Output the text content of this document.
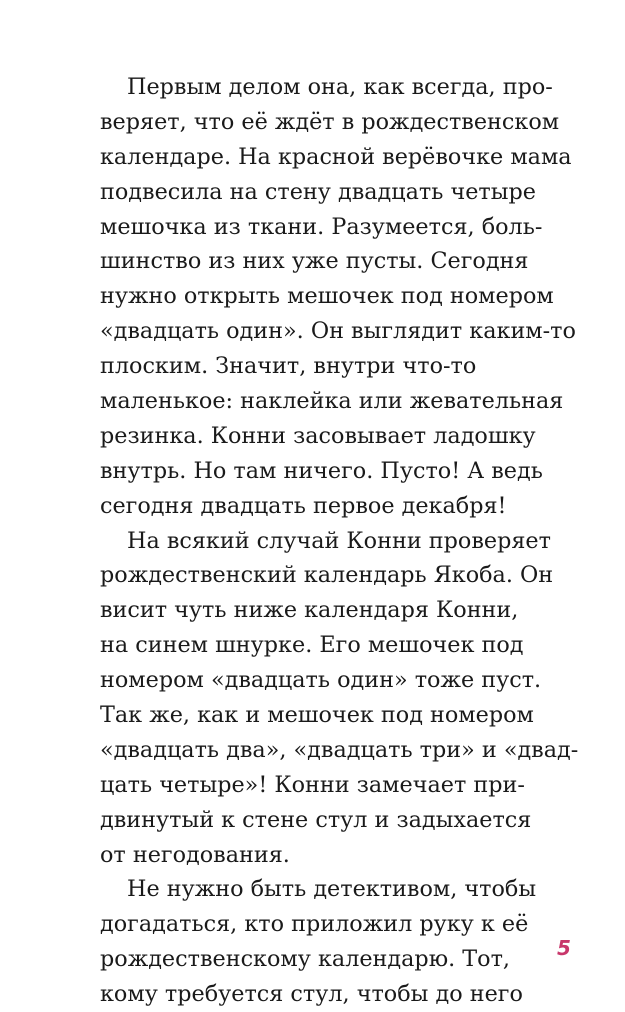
Первым делом она, как всегда, про-
веряет, что её ждёт в рождественском
календаре. На красной верёвочке мама
подвесила на стену двадцать четыре
мешочка из ткани. Разумеется, боль-
шинство из них уже пусты. Сегодня
нужно открыть мешочек под номером
«двадцать один». Он выглядит каким-то
плоским. Значит, внутри что-то
маленькое: наклейка или жевательная
резинка. Конни засовывает ладошку
внутрь. Но там ничего. Пусто! А ведь
сегодня двадцать первое декабря!
На всякий случай Конни проверяет
рождественский календарь Якоба. Он
висит чуть ниже календаря Конни,
на синем шнурке. Его мешочек под
номером «двадцать один» тоже пуст.
Так же, как и мешочек под номером
«двадцать два», «двадцать три» и «двад-
цать четыре»! Конни замечает при-
двинутый к стене стул и задыхается
от негодования.
Не нужно быть детективом, чтобы
догадаться, кто приложил руку к её
рождественскому календарю. Тот,
кому требуется стул, чтобы до него
5
